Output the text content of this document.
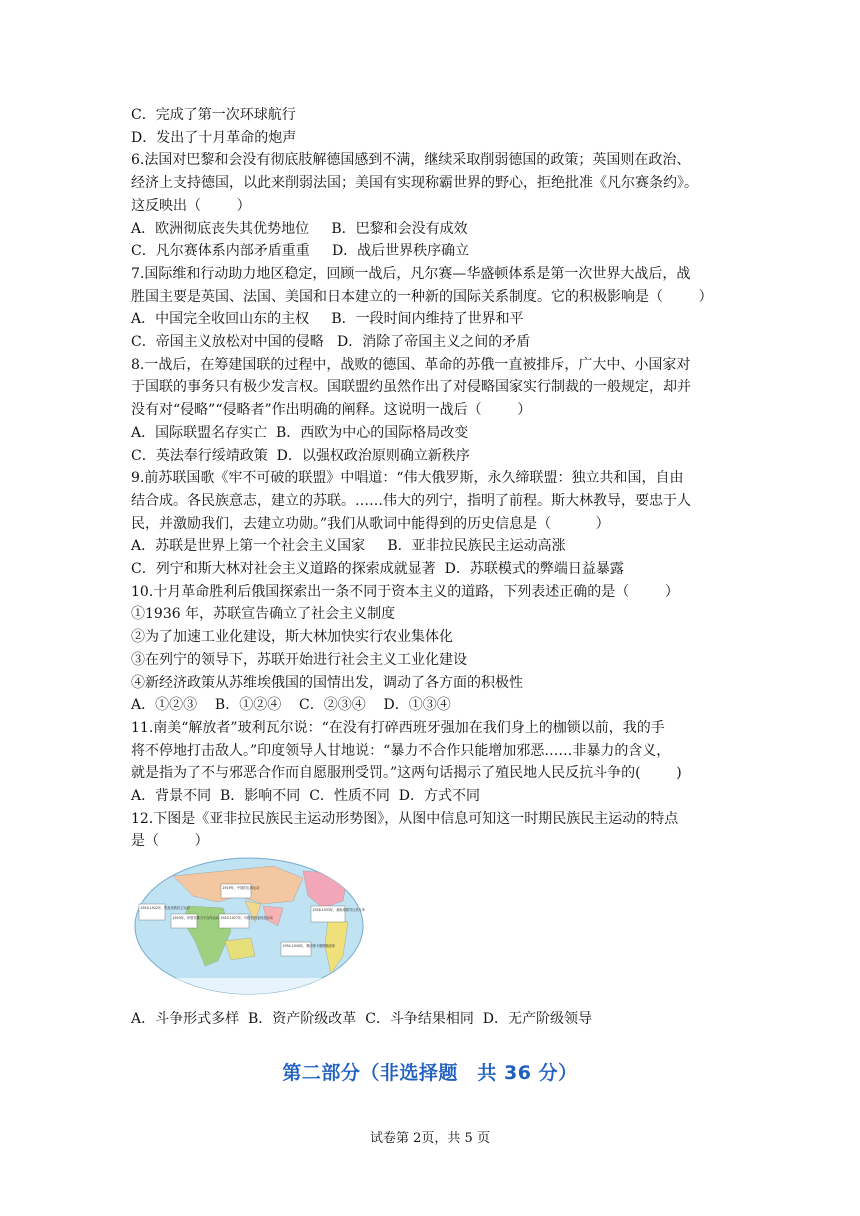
C．完成了第一次环球航行
D．发出了十月革命的炮声
6.法国对巴黎和会没有彻底肢解德国感到不满，继续采取削弱德国的政策；英国则在政治、
经济上支持德国，以此来削弱法国；美国有实现称霸世界的野心，拒绝批准《凡尔赛条约》。
这反映出（        ）
A．欧洲彻底丧失其优势地位     B．巴黎和会没有成效
C．凡尔赛体系内部矛盾重重     D．战后世界秩序确立
7.国际维和行动助力地区稳定，回顾一战后，凡尔赛—华盛顿体系是第一次世界大战后，战
胜国主要是英国、法国、美国和日本建立的一种新的国际关系制度。它的积极影响是（        ）
A．中国完全收回山东的主权     B．一段时间内维持了世界和平
C．帝国主义放松对中国的侵略   D．消除了帝国主义之间的矛盾
8.一战后，在筹建国联的过程中，战败的德国、革命的苏俄一直被排斥，广大中、小国家对
于国联的事务只有极少发言权。国联盟约虽然作出了对侵略国家实行制裁的一般规定，却并
没有对“侵略”“侵略者”作出明确的阐释。这说明一战后（        ）
A．国际联盟名存实亡  B．西欧为中心的国际格局改变
C．英法奉行绥靖政策  D．以强权政治原则确立新秩序
9.前苏联国歌《牢不可破的联盟》中唱道：“伟大俄罗斯，永久缔联盟：独立共和国，自由
结合成。各民族意志，建立的苏联。……伟大的列宁，指明了前程。斯大林教导，要忠于人
民，并激励我们，去建立功勋。”我们从歌词中能得到的历史信息是（          ）
A．苏联是世界上第一个社会主义国家     B．亚非拉民族民主运动高涨
C．列宁和斯大林对社会主义道路的探索成就显著  D．苏联模式的弊端日益暴露
10.十月革命胜利后俄国探索出一条不同于资本主义的道路，下列表述正确的是（        ）
①1936 年，苏联宣告确立了社会主义制度
②为了加速工业化建设，斯大林加快实行农业集体化
③在列宁的领导下，苏联开始进行社会主义工业化建设
④新经济政策从苏维埃俄国的国情出发，调动了各方面的积极性
A．①②③    B．①②④    C．②③④    D．①③④
11.南美“解放者”玻利瓦尔说：“在没有打碎西班牙强加在我们身上的枷锁以前，我的手
将不停地打击敌人。”印度领导人甘地说：“暴力不合作只能增加邪恶……非暴力的含义，
就是指为了不与邪恶合作而自愿服刑受罚。”这两句话揭示了殖民地人民反抗斗争的(        )
A．背景不同  B．影响不同  C．性质不同  D．方式不同
12.下图是《亚非拉民族民主运动形势图》，从图中信息可知这一时期民族民主运动的特点
是（        ）
1919-1922年，埃及民族民主运动
1930年，印度非暴力不合作运动
1919年，中国的五四运动
1920-1927年，印度尼西亚民族运动
1934-1940年，墨西哥卡德纳斯改革
1926-1933年，桑地诺领导反美斗争
A．斗争形式多样  B．资产阶级改革  C．斗争结果相同  D．无产阶级领导
第二部分（非选择题　共 36 分）
试卷第 2页，共 5 页
